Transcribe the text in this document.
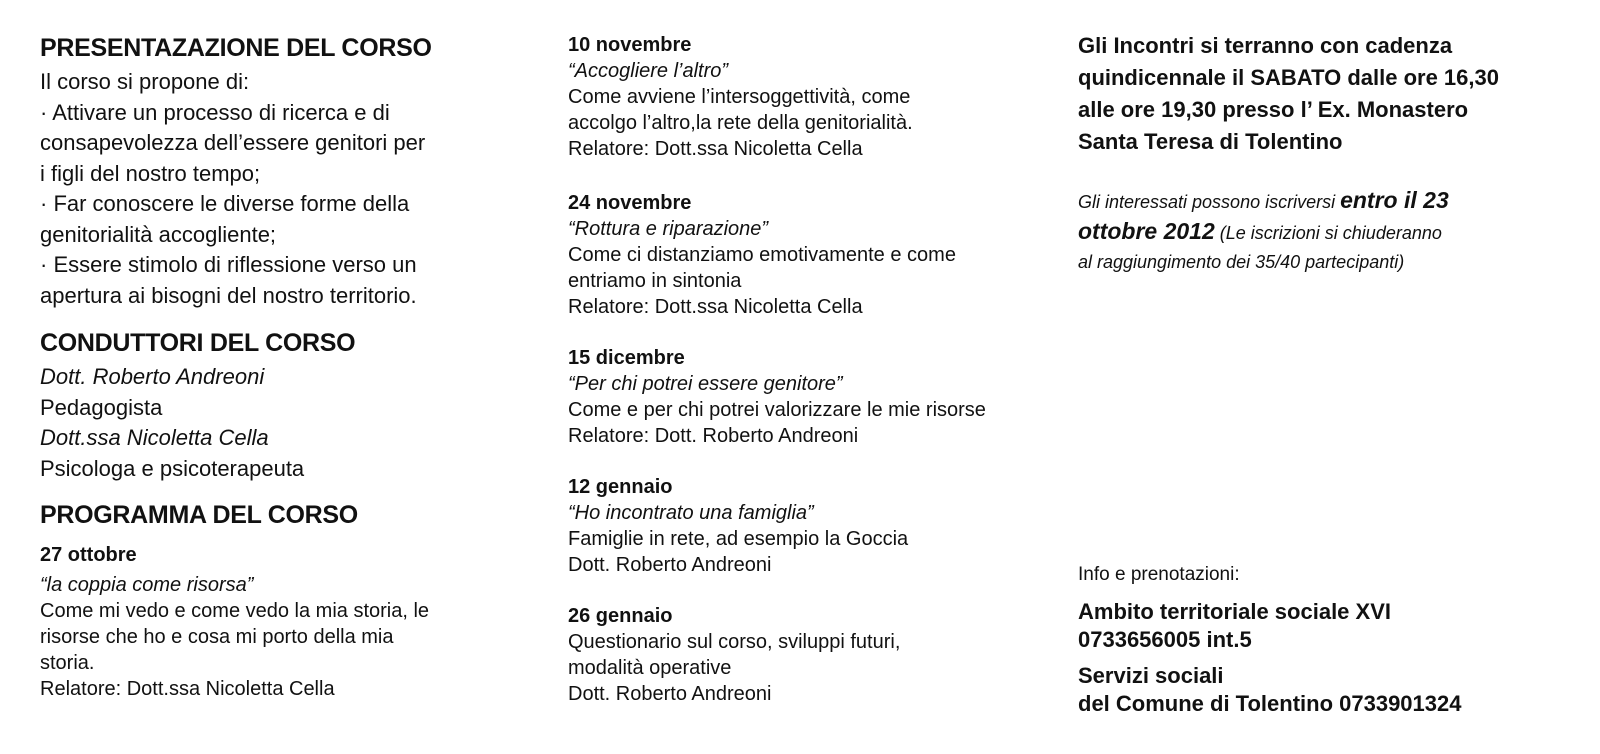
PRESENTAZAZIONE DEL CORSO

Il corso si propone di:

· Attivare un processo di ricerca e di

consapevolezza dell’essere genitori per

i figli del nostro tempo;

· Far conoscere le diverse forme della

genitorialità accogliente;

· Essere stimolo di riflessione verso un

apertura ai bisogni del nostro territorio.

CONDUTTORI DEL CORSO

Dott. Roberto Andreoni

Pedagogista

Dott.ssa Nicoletta Cella

Psicologa e psicoterapeuta

PROGRAMMA DEL CORSO

27 ottobre

“la coppia come risorsa”

Come mi vedo e come vedo la mia storia, le

risorse che ho e cosa mi porto della mia

storia.

Relatore: Dott.ssa Nicoletta Cella

10 novembre

“Accogliere l’altro”

Come avviene l’intersoggettività, come

accolgo l’altro,la rete della genitorialità.

Relatore: Dott.ssa Nicoletta Cella

24 novembre

“Rottura e riparazione”

Come ci distanziamo emotivamente e come

entriamo in sintonia

Relatore: Dott.ssa Nicoletta Cella

15 dicembre

“Per chi potrei essere genitore”

Come e per chi potrei valorizzare le mie risorse

Relatore: Dott. Roberto Andreoni

12 gennaio

“Ho incontrato una famiglia”

Famiglie in rete, ad esempio la Goccia

Dott. Roberto Andreoni

26 gennaio

Questionario sul corso, sviluppi futuri,

modalità operative

Dott. Roberto Andreoni

Gli Incontri si terranno con cadenza

quindicennale il SABATO dalle ore 16,30

alle ore 19,30 presso l’ Ex. Monastero

Santa Teresa di Tolentino

Gli interessati possono iscriversi entro il 23

ottobre 2012 (Le iscrizioni si chiuderanno

al raggiungimento dei 35/40 partecipanti)

Info e prenotazioni:

Ambito territoriale sociale XVI

0733656005 int.5

Servizi sociali

del Comune di Tolentino 0733901324
